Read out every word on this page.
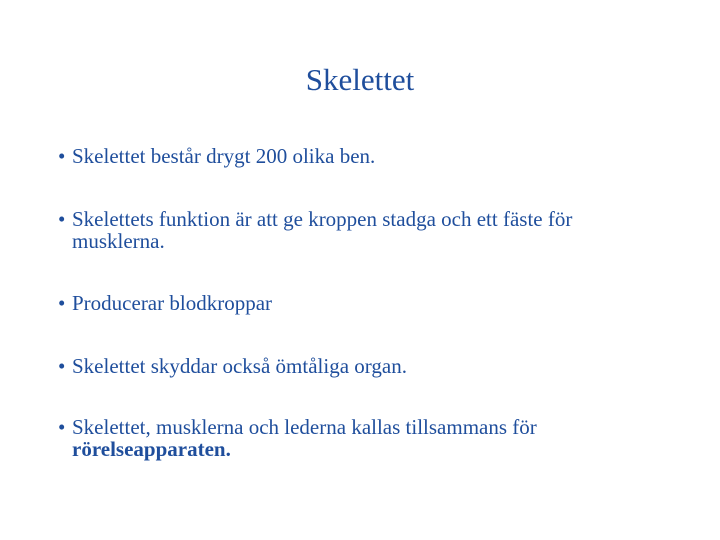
Skelettet
• Skelettet består drygt 200 olika ben.
• Skelettets funktion är att ge kroppen stadga och ett fäste för
musklerna.
• Producerar blodkroppar
• Skelettet skyddar också ömtåliga organ.
• Skelettet, musklerna och lederna kallas tillsammans för
rörelseapparaten.
